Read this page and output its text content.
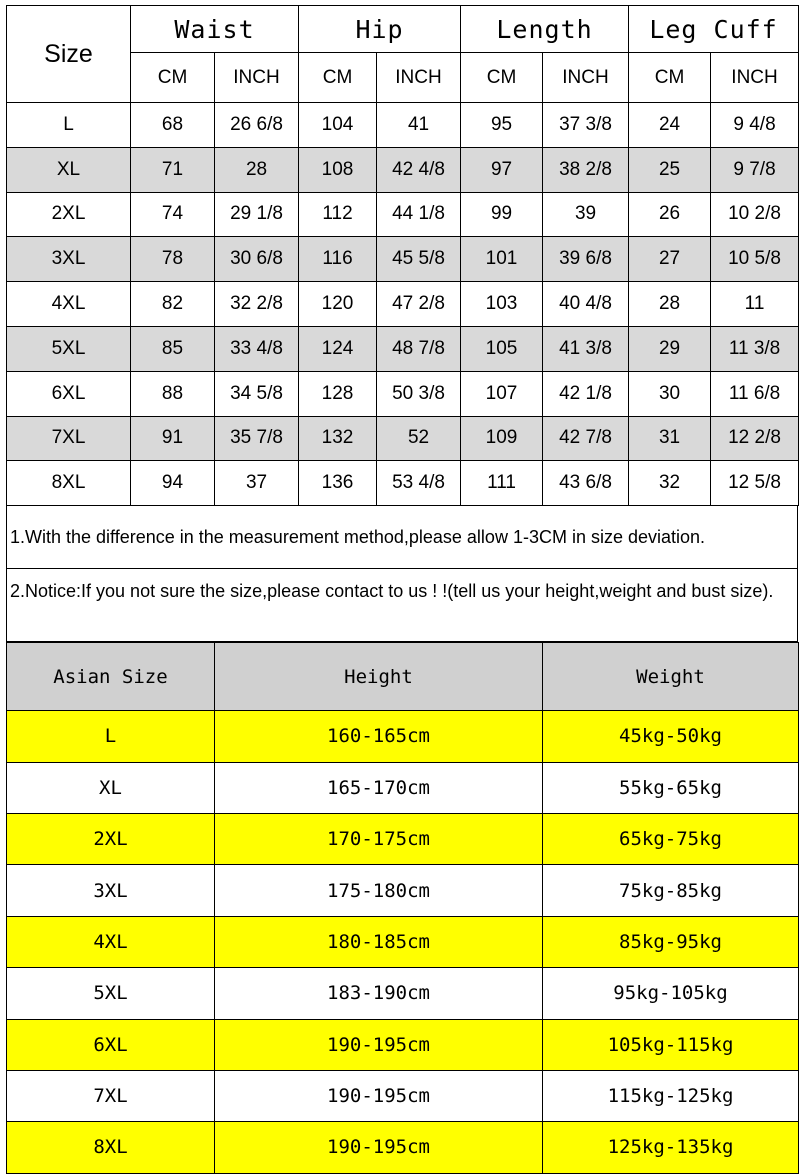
Size	Waist		Hip		Length		Leg Cuff	
	CM	INCH	CM	INCH	CM	INCH	CM	INCH
L	68	26 6/8	104	41	95	37 3/8	24	9 4/8
XL	71	28	108	42 4/8	97	38 2/8	25	9 7/8
2XL	74	29 1/8	112	44 1/8	99	39	26	10 2/8
3XL	78	30 6/8	116	45 5/8	101	39 6/8	27	10 5/8
4XL	82	32 2/8	120	47 2/8	103	40 4/8	28	11
5XL	85	33 4/8	124	48 7/8	105	41 3/8	29	11 3/8
6XL	88	34 5/8	128	50 3/8	107	42 1/8	30	11 6/8
7XL	91	35 7/8	132	52	109	42 7/8	31	12 2/8
8XL	94	37	136	53 4/8	111	43 6/8	32	12 5/8
1.With the difference in the measurement method,please allow 1-3CM in size deviation.
2.Notice:If you not sure the size,please contact to us ! !(tell us your height,weight and bust size).
Asian Size	Height	Weight
L	160-165cm	45kg-50kg
XL	165-170cm	55kg-65kg
2XL	170-175cm	65kg-75kg
3XL	175-180cm	75kg-85kg
4XL	180-185cm	85kg-95kg
5XL	183-190cm	95kg-105kg
6XL	190-195cm	105kg-115kg
7XL	190-195cm	115kg-125kg
8XL	190-195cm	125kg-135kg
